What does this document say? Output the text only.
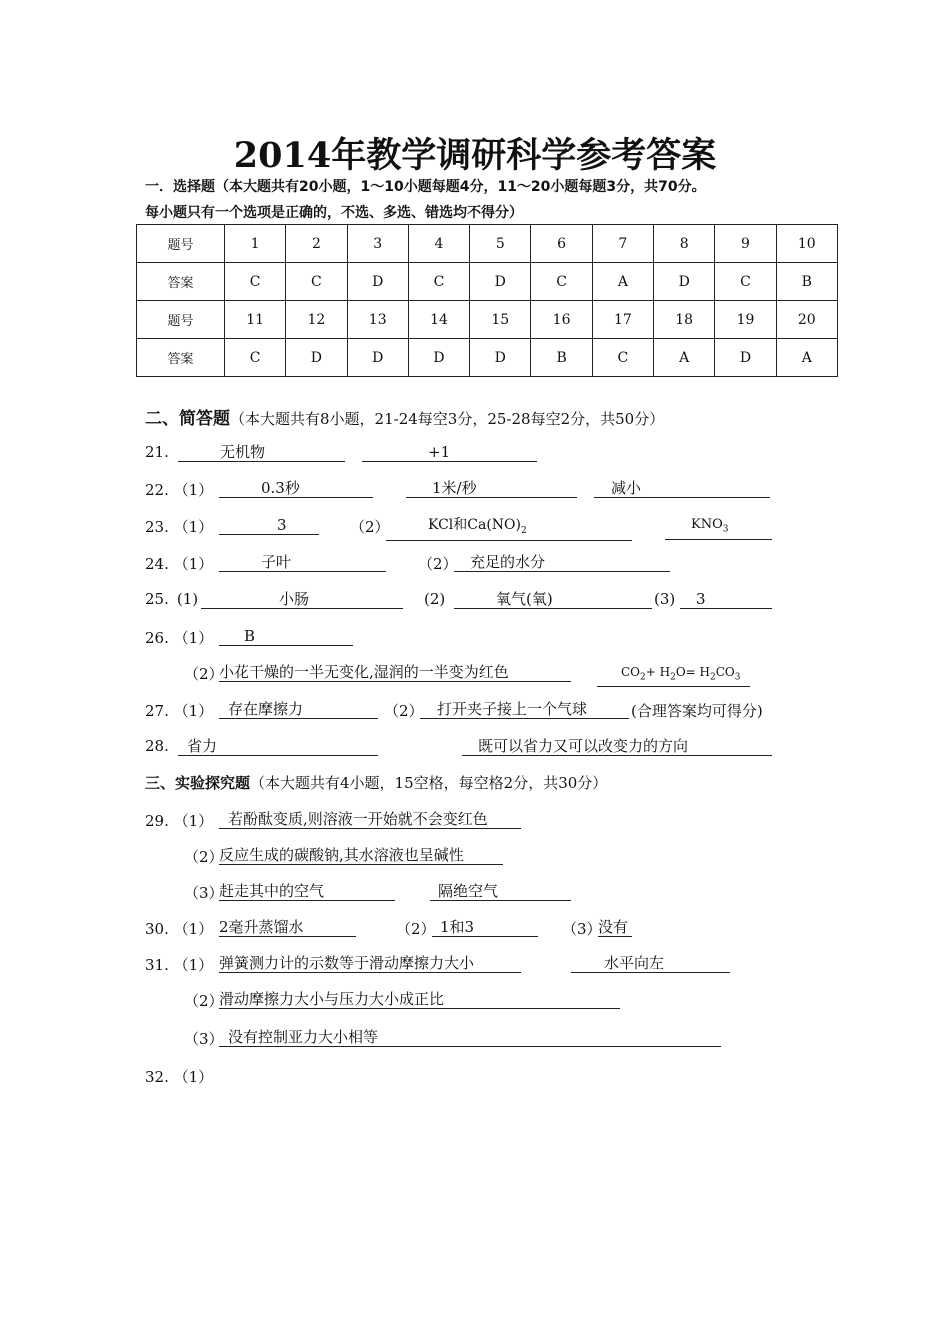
2014年教学调研科学参考答案
一．选择题（本大题共有20小题，1～10小题每题4分，11～20小题每题3分，共70分。
每小题只有一个选项是正确的，不选、多选、错选均不得分）
题号	1	2	3	4	5	6	7	8	9	10
答案	C	C	D	C	D	C	A	D	C	B
题号	11	12	13	14	15	16	17	18	19	20
答案	C	D	D	D	D	B	C	A	D	A
二、简答题（本大题共有8小题，21-24每空3分，25-28每空2分，共50分）
21.	无机物	+1
22. （1）	0.3秒	1米/秒	减小
23. （1）	3	（2）	KCl和$Ca(NO)_2$	$KNO_3$
24. （1）	子叶	（2） 充足的水分
25. (1)	小肠	(2)	氧气(氧)	(3)	3
26. （1）	B
（2）
小花干燥的一半无变化,湿润的一半变为红色	$CO_2+ H_2O= H_2CO_3$
27. （1） 存在摩擦力	（2） 打开夹子接上一个气球	(合理答案均可得分)
28.	省力	既可以省力又可以改变力的方向
三、实验探究题（本大题共有4小题，15空格，每空格2分，共30分）
29. （1） 若酚酞变质,则溶液一开始就不会变红色
（2）
反应生成的碳酸钠,其水溶液也呈碱性
（3）
赶走其中的空气	隔绝空气
30. （1） 2毫升蒸馏水	（2） 1和3	（3）
没有
31. （1） 弹簧测力计的示数等于滑动摩擦力大小	水平向左
（2）
滑动摩擦力大小与压力大小成正比
（3） 没有控制亚力大小相等
32. （1）
